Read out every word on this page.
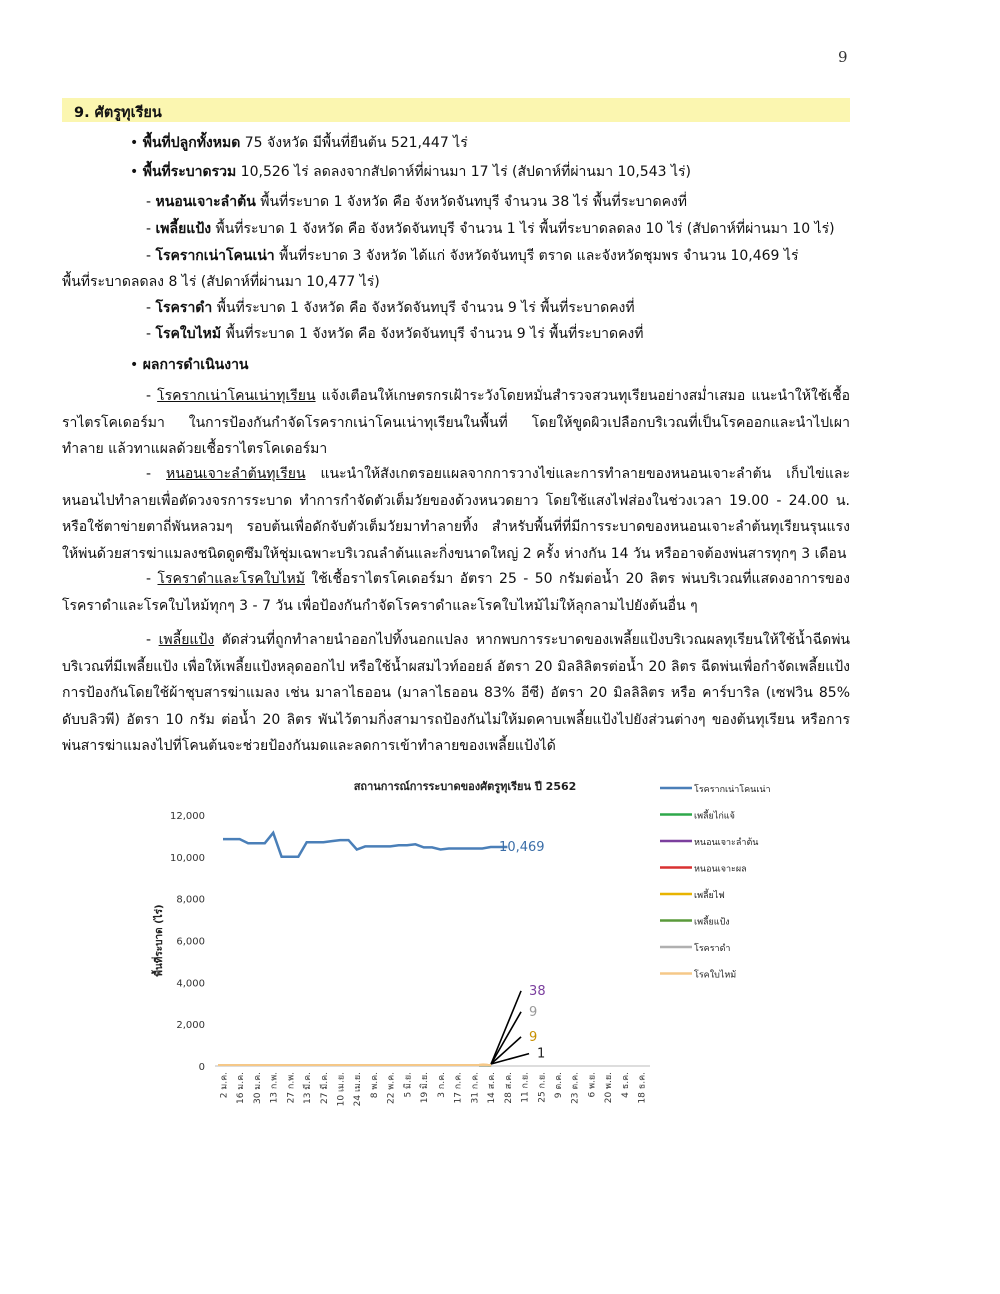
9
9. ศัตรูทุเรียน
• พื้นที่ปลูกทั้งหมด 75 จังหวัด มีพื้นที่ยืนต้น 521,447 ไร่
• พื้นที่ระบาดรวม 10,526 ไร่ ลดลงจากสัปดาห์ที่ผ่านมา 17 ไร่ (สัปดาห์ที่ผ่านมา 10,543 ไร่)
- หนอนเจาะลำต้น พื้นที่ระบาด 1 จังหวัด คือ จังหวัดจันทบุรี จำนวน 38 ไร่ พื้นที่ระบาดคงที่
- เพลี้ยแป้ง พื้นที่ระบาด 1 จังหวัด คือ จังหวัดจันทบุรี จำนวน 1 ไร่ พื้นที่ระบาดลดลง 10 ไร่ (สัปดาห์ที่ผ่านมา 10 ไร่)
- โรครากเน่าโคนเน่า พื้นที่ระบาด 3 จังหวัด ได้แก่ จังหวัดจันทบุรี ตราด และจังหวัดชุมพร จำนวน 10,469 ไร่
พื้นที่ระบาดลดลง 8 ไร่ (สัปดาห์ที่ผ่านมา 10,477 ไร่)
- โรคราดำ พื้นที่ระบาด 1 จังหวัด คือ จังหวัดจันทบุรี จำนวน 9 ไร่ พื้นที่ระบาดคงที่
- โรคใบไหม้ พื้นที่ระบาด 1 จังหวัด คือ จังหวัดจันทบุรี จำนวน 9 ไร่ พื้นที่ระบาดคงที่
• ผลการดำเนินงาน
- โรครากเน่าโคนเน่าทุเรียน แจ้งเตือนให้เกษตรกรเฝ้าระวังโดยหมั่นสำรวจสวนทุเรียนอย่างสม่ำเสมอ แนะนำให้ใช้เชื้อราไตรโคเดอร์มา ในการป้องกันกำจัดโรครากเน่าโคนเน่าทุเรียนในพื้นที่ โดยให้ขูดผิวเปลือกบริเวณที่เป็นโรคออกและนำไปเผาทำลาย แล้วทาแผลด้วยเชื้อราไตรโคเดอร์มา
- หนอนเจาะลำต้นทุเรียน แนะนำให้สังเกตรอยแผลจากการวางไข่และการทำลายของหนอนเจาะลำต้น เก็บไข่และหนอนไปทำลายเพื่อตัดวงจรการระบาด ทำการกำจัดตัวเต็มวัยของด้วงหนวดยาว โดยใช้แสงไฟส่องในช่วงเวลา 19.00 - 24.00 น. หรือใช้ตาข่ายตาถี่พันหลวมๆ รอบต้นเพื่อดักจับตัวเต็มวัยมาทำลายทิ้ง สำหรับพื้นที่ที่มีการระบาดของหนอนเจาะลำต้นทุเรียนรุนแรง ให้พ่นด้วยสารฆ่าแมลงชนิดดูดซึมให้ชุ่มเฉพาะบริเวณลำต้นและกิ่งขนาดใหญ่ 2 ครั้ง ห่างกัน 14 วัน หรืออาจต้องพ่นสารทุกๆ 3 เดือน
- โรคราดำและโรคใบไหม้ ใช้เชื้อราไตรโคเดอร์มา อัตรา 25 - 50 กรัมต่อน้ำ 20 ลิตร พ่นบริเวณที่แสดงอาการของโรคราดำและโรคใบไหม้ทุกๆ 3 - 7 วัน เพื่อป้องกันกำจัดโรคราดำและโรคใบไหม้ไม่ให้ลุกลามไปยังต้นอื่น ๆ
- เพลี้ยแป้ง ตัดส่วนที่ถูกทำลายนำออกไปทิ้งนอกแปลง หากพบการระบาดของเพลี้ยแป้งบริเวณผลทุเรียนให้ใช้น้ำฉีดพ่นบริเวณที่มีเพลี้ยแป้ง เพื่อให้เพลี้ยแป้งหลุดออกไป หรือใช้น้ำผสมไวท์ออยล์ อัตรา 20 มิลลิลิตรต่อน้ำ 20 ลิตร ฉีดพ่นเพื่อกำจัดเพลี้ยแป้ง การป้องกันโดยใช้ผ้าชุบสารฆ่าแมลง เช่น มาลาไธออน (มาลาไธออน 83% อีซี) อัตรา 20 มิลลิลิตร หรือ คาร์บาริล (เซฟวิน 85% ดับบลิวพี) อัตรา 10 กรัม ต่อน้ำ 20 ลิตร พันไว้ตามกิ่งสามารถป้องกันไม่ให้มดคาบเพลี้ยแป้งไปยังส่วนต่างๆ ของต้นทุเรียน หรือการพ่นสารฆ่าแมลงไปที่โคนต้นจะช่วยป้องกันมดและลดการเข้าทำลายของเพลี้ยแป้งได้
สถานการณ์การระบาดของศัตรูทุเรียน ปี 2562
0
2,000
4,000
6,000
8,000
10,000
12,000
พื้นที่ระบาด (ไร่)
2 ม.ค. 16 ม.ค. 30 ม.ค. 13 ก.พ. 27 ก.พ. 13 มี.ค. 27 มี.ค. 10 เม.ย. 24 เม.ย. 8 พ.ค. 22 พ.ค. 5 มิ.ย. 19 มิ.ย. 3 ก.ค. 17 ก.ค. 31 ก.ค. 14 ส.ค. 28 ส.ค. 11 ก.ย. 25 ก.ย. 9 ต.ค. 23 ต.ค. 6 พ.ย. 20 พ.ย. 4 ธ.ค. 18 ธ.ค.
10,469
38
9
9
1
โรครากเน่าโคนเน่า
เพลี้ยไก่แจ้
หนอนเจาะลำต้น
หนอนเจาะผล
เพลี้ยไฟ
เพลี้ยแป้ง
โรคราดำ
โรคใบไหม้
